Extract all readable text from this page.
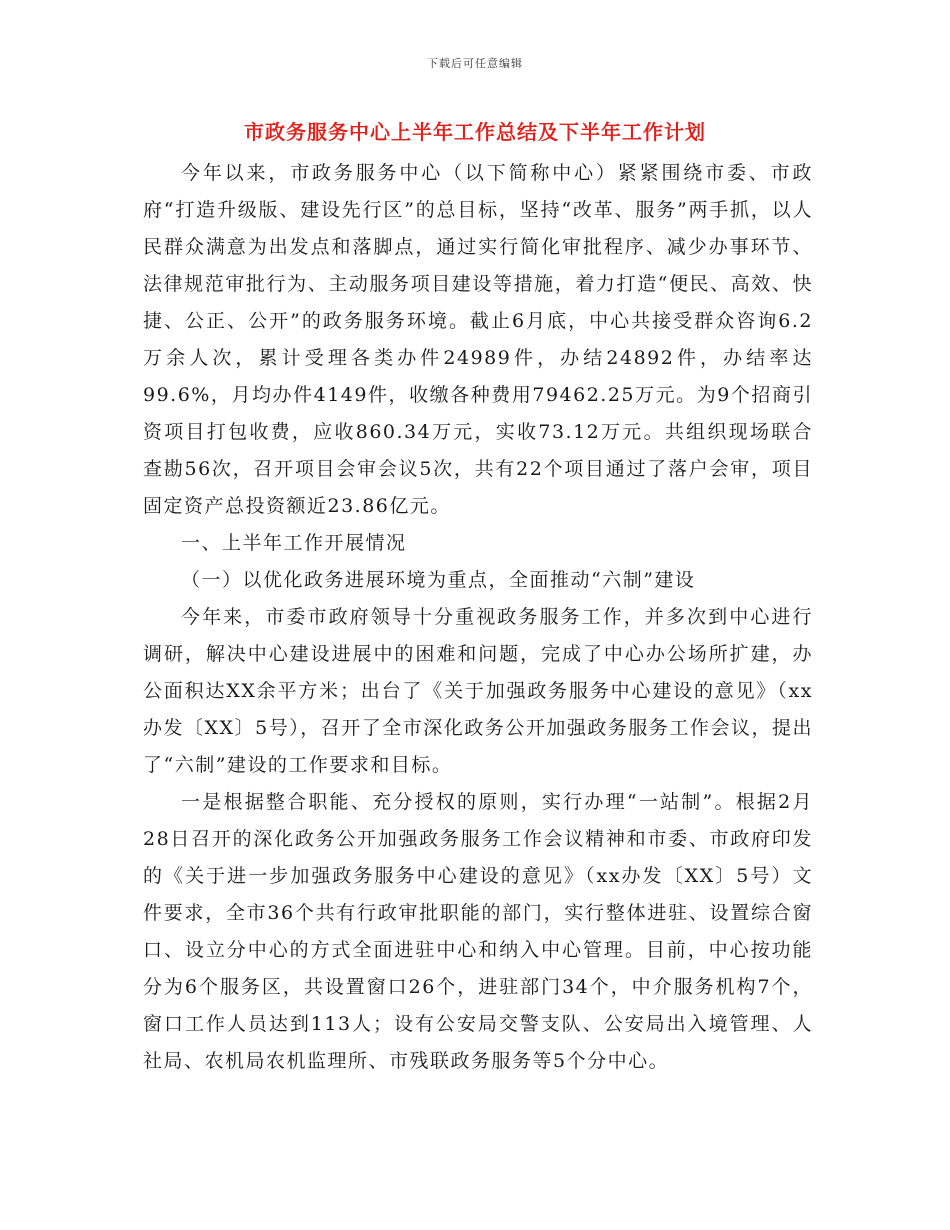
下载后可任意编辑
市政务服务中心上半年工作总结及下半年工作计划

今年以来，市政务服务中心（以下简称中心）紧紧围绕市委、市政府“打造升级版、建设先行区”的总目标，坚持“改革、服务”两手抓，以人民群众满意为出发点和落脚点，通过实行简化审批程序、减少办事环节、法律规范审批行为、主动服务项目建设等措施，着力打造“便民、高效、快捷、公正、公开”的政务服务环境。截止6月底，中心共接受群众咨询6.2万余人次，累计受理各类办件24989件，办结24892件，办结率达99.6%，月均办件4149件，收缴各种费用79462.25万元。为9个招商引资项目打包收费，应收860.34万元，实收73.12万元。共组织现场联合查勘56次，召开项目会审会议5次，共有22个项目通过了落户会审，项目固定资产总投资额近23.86亿元。

一、上半年工作开展情况

（一）以优化政务进展环境为重点，全面推动“六制”建设

今年来，市委市政府领导十分重视政务服务工作，并多次到中心进行调研，解决中心建设进展中的困难和问题，完成了中心办公场所扩建，办公面积达XX余平方米；出台了《关于加强政务服务中心建设的意见》（xx办发〔XX〕5号），召开了全市深化政务公开加强政务服务工作会议，提出了“六制”建设的工作要求和目标。

一是根据整合职能、充分授权的原则，实行办理“一站制”。根据2月28日召开的深化政务公开加强政务服务工作会议精神和市委、市政府印发的《关于进一步加强政务服务中心建设的意见》（xx办发〔XX〕5号）文件要求，全市36个共有行政审批职能的部门，实行整体进驻、设置综合窗口、设立分中心的方式全面进驻中心和纳入中心管理。目前，中心按功能分为6个服务区，共设置窗口26个，进驻部门34个，中介服务机构7个，窗口工作人员达到113人；设有公安局交警支队、公安局出入境管理、人社局、农机局农机监理所、市残联政务服务等5个分中心。
